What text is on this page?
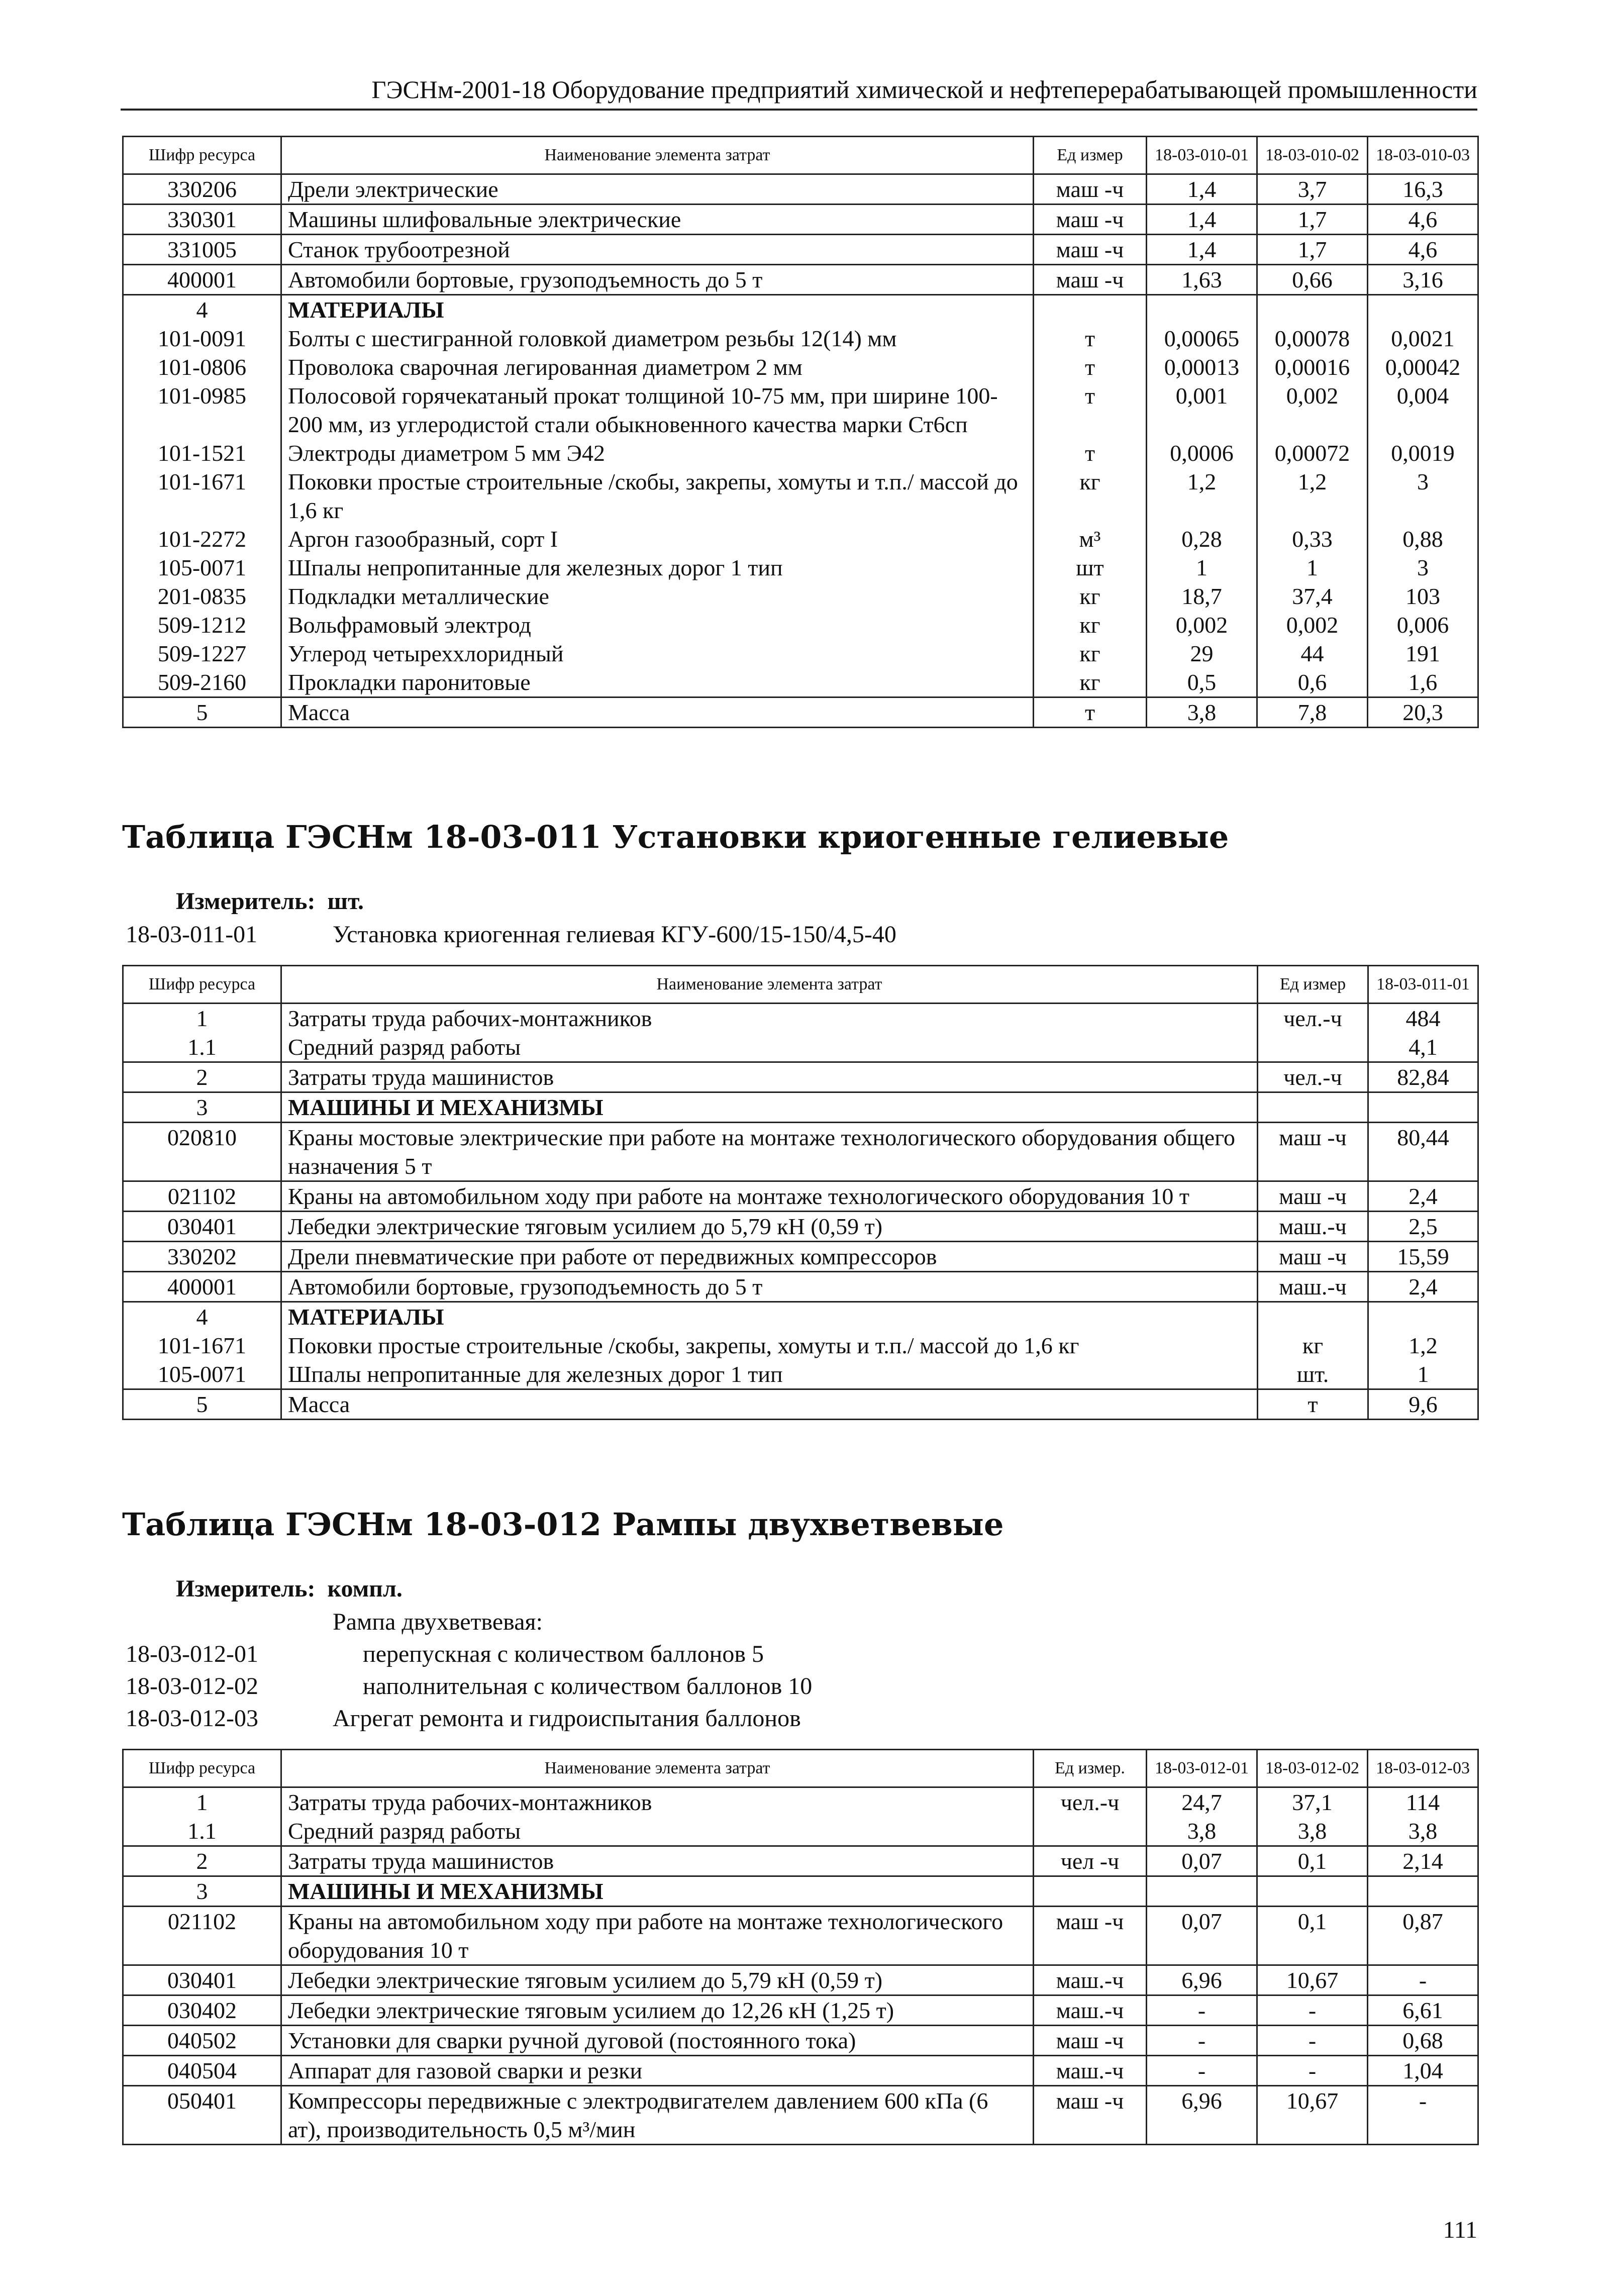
ГЭСНм-2001-18 Оборудование предприятий химической и нефтеперерабатывающей промышленности
Шифр ресурса	Наименование элемента затрат	Ед измер	18-03-010-01	18-03-010-02	18-03-010-03
330206	Дрели электрические	маш -ч	1,4	3,7	16,3
330301	Машины шлифовальные электрические	маш -ч	1,4	1,7	4,6
331005	Станок трубоотрезной	маш -ч	1,4	1,7	4,6
400001	Автомобили бортовые, грузоподъемность до 5 т	маш -ч	1,63	0,66	3,16
4	МАТЕРИАЛЫ				
101-0091	Болты с шестигранной головкой диаметром резьбы 12(14) мм	т	0,00065	0,00078	0,0021
101-0806	Проволока сварочная легированная диаметром 2 мм	т	0,00013	0,00016	0,00042
101-0985	Полосовой горячекатаный прокат толщиной 10-75 мм, при ширине 100-200 мм, из углеродистой стали обыкновенного качества марки Ст6сп	т	0,001	0,002	0,004
101-1521	Электроды диаметром 5 мм Э42	т	0,0006	0,00072	0,0019
101-1671	Поковки простые строительные /скобы, закрепы, хомуты и т.п./ массой до 1,6 кг	кг	1,2	1,2	3
101-2272	Аргон газообразный, сорт I	м³	0,28	0,33	0,88
105-0071	Шпалы непропитанные для железных дорог 1 тип	шт	1	1	3
201-0835	Подкладки металлические	кг	18,7	37,4	103
509-1212	Вольфрамовый электрод	кг	0,002	0,002	0,006
509-1227	Углерод четыреххлоридный	кг	29	44	191
509-2160	Прокладки паронитовые	кг	0,5	0,6	1,6
5	Масса	т	3,8	7,8	20,3
Таблица ГЭСНм 18-03-011 Установки криогенные гелиевые
Измеритель: шт.
18-03-011-01	Установка криогенная гелиевая КГУ-600/15-150/4,5-40
Шифр ресурса	Наименование элемента затрат	Ед измер	18-03-011-01
1	Затраты труда рабочих-монтажников	чел.-ч	484
1.1	Средний разряд работы		4,1
2	Затраты труда машинистов	чел.-ч	82,84
3	МАШИНЫ И МЕХАНИЗМЫ		
020810	Краны мостовые электрические при работе на монтаже технологического оборудования общего назначения 5 т	маш -ч	80,44
021102	Краны на автомобильном ходу при работе на монтаже технологического оборудования 10 т	маш -ч	2,4
030401	Лебедки электрические тяговым усилием до 5,79 кН (0,59 т)	маш.-ч	2,5
330202	Дрели пневматические при работе от передвижных компрессоров	маш -ч	15,59
400001	Автомобили бортовые, грузоподъемность до 5 т	маш.-ч	2,4
4	МАТЕРИАЛЫ		
101-1671	Поковки простые строительные /скобы, закрепы, хомуты и т.п./ массой до 1,6 кг	кг	1,2
105-0071	Шпалы непропитанные для железных дорог 1 тип	шт.	1
5	Масса	т	9,6
Таблица ГЭСНм 18-03-012 Рампы двухветвевые
Измеритель: компл.
Рампа двухветвевая:
18-03-012-01	перепускная с количеством баллонов 5
18-03-012-02	наполнительная с количеством баллонов 10
18-03-012-03	Агрегат ремонта и гидроиспытания баллонов
Шифр ресурса	Наименование элемента затрат	Ед измер.	18-03-012-01	18-03-012-02	18-03-012-03
1	Затраты труда рабочих-монтажников	чел.-ч	24,7	37,1	114
1.1	Средний разряд работы		3,8	3,8	3,8
2	Затраты труда машинистов	чел -ч	0,07	0,1	2,14
3	МАШИНЫ И МЕХАНИЗМЫ				
021102	Краны на автомобильном ходу при работе на монтаже технологического оборудования 10 т	маш -ч	0,07	0,1	0,87
030401	Лебедки электрические тяговым усилием до 5,79 кН (0,59 т)	маш.-ч	6,96	10,67	-
030402	Лебедки электрические тяговым усилием до 12,26 кН (1,25 т)	маш.-ч	-	-	6,61
040502	Установки для сварки ручной дуговой (постоянного тока)	маш -ч	-	-	0,68
040504	Аппарат для газовой сварки и резки	маш.-ч	-	-	1,04
050401	Компрессоры передвижные с электродвигателем давлением 600 кПа (6 ат), производительность 0,5 м³/мин	маш -ч	6,96	10,67	-
111
